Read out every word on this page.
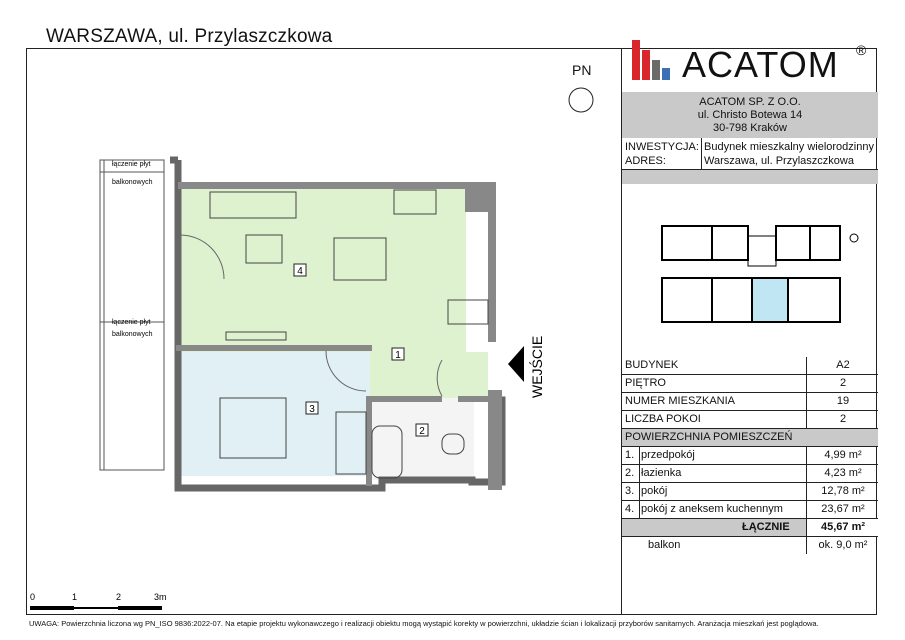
WARSZAWA, ul. Przylaszczkowa
4
1
3
2
łączenie płyt
balkonowych
łączenie płyt
balkonowych
WEJŚCIE
PN
0	1	2	3m
ACATOM ®
ACATOM SP. Z O.O.
ul. Christo Botewa 14
30-798 Kraków
INWESTYCJA: Budynek mieszkalny wielorodzinny
ADRES:	Warszawa, ul. Przylaszczkowa
BUDYNEK	A2
PIĘTRO	2
NUMER MIESZKANIA	19
LICZBA POKOI	2
POWIERZCHNIA POMIESZCZEŃ
1. przedpokój	4,99 m²
2. łazienka	4,23 m²
3. pokój	12,78 m²
4. pokój z aneksem kuchennym	23,67 m²
ŁĄCZNIE	45,67 m²
balkon	ok. 9,0 m²
UWAGA: Powierzchnia liczona wg PN_ISO 9836:2022-07. Na etapie projektu wykonawczego i realizacji obiektu mogą wystąpić korekty w powierzchni, układzie ścian i lokalizacji przyborów sanitarnych. Aranżacja mieszkań jest poglądowa.
